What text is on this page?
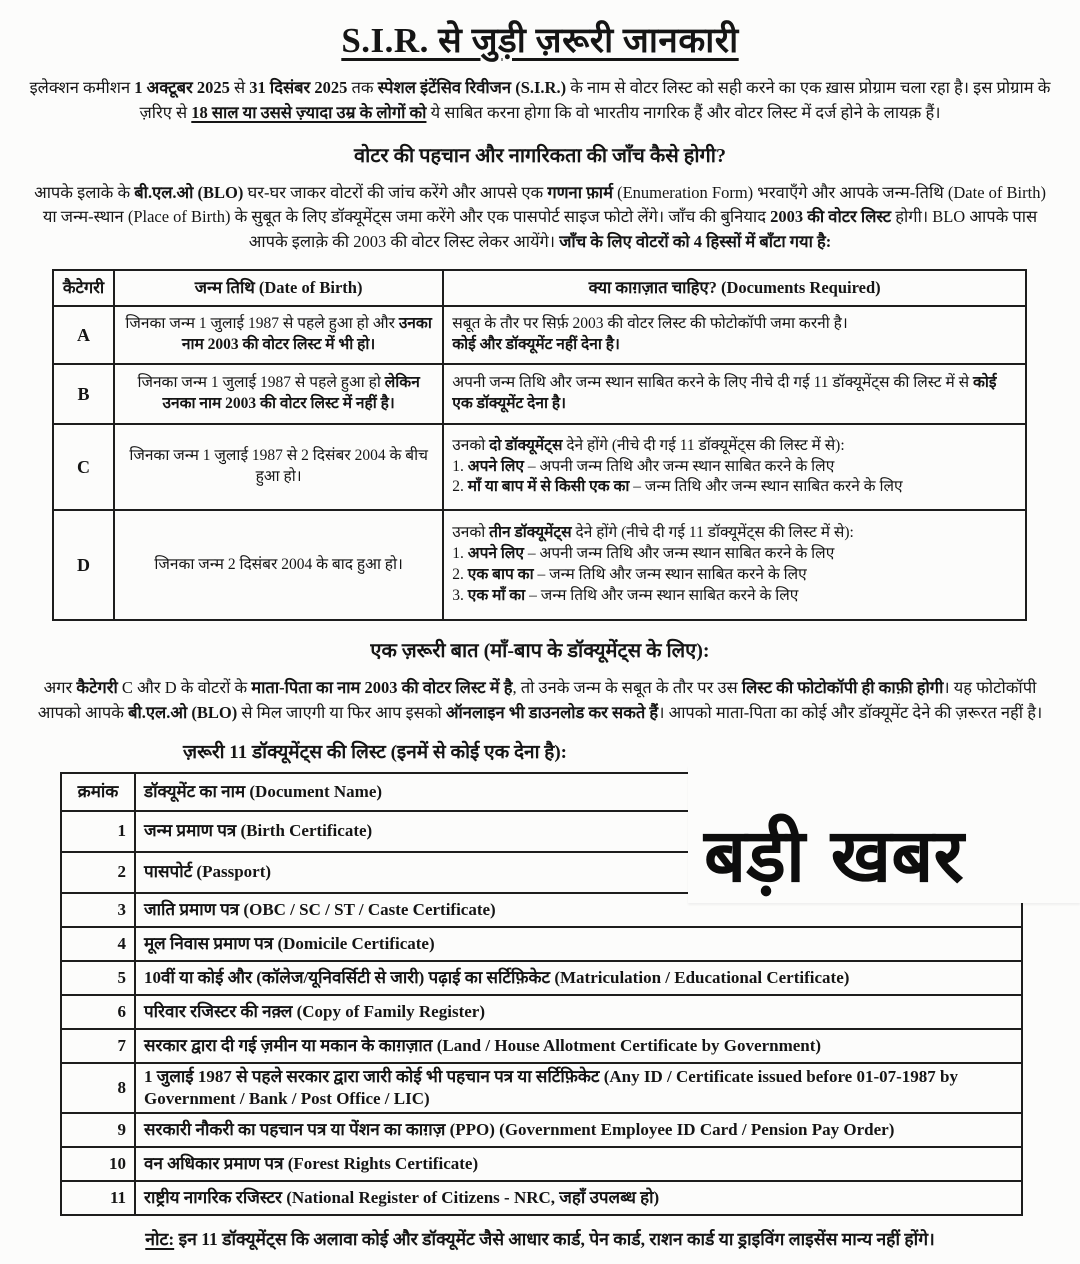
S.I.R. से जुड़ी ज़रूरी जानकारी
इलेक्शन कमीशन 1 अक्टूबर 2025 से 31 दिसंबर 2025 तक स्पेशल इंटेंसिव रिवीजन (S.I.R.) के नाम से वोटर लिस्ट को सही करने का एक ख़ास प्रोग्राम चला रहा है। इस प्रोग्राम के ज़रिए से 18 साल या उससे ज़्यादा उम्र के लोगों को ये साबित करना होगा कि वो भारतीय नागरिक हैं और वोटर लिस्ट में दर्ज होने के लायक़ हैं।
वोटर की पहचान और नागरिकता की जाँच कैसे होगी?
आपके इलाके के बी.एल.ओ (BLO) घर-घर जाकर वोटरों की जांच करेंगे और आपसे एक गणना फ़ार्म (Enumeration Form) भरवाएँगे और आपके जन्म-तिथि (Date of Birth) या जन्म-स्थान (Place of Birth) के सुबूत के लिए डॉक्यूमेंट्स जमा करेंगे और एक पासपोर्ट साइज फोटो लेंगे। जाँच की बुनियाद 2003 की वोटर लिस्ट होगी। BLO आपके पास आपके इलाक़े की 2003 की वोटर लिस्ट लेकर आयेंगे। जाँच के लिए वोटरों को 4 हिस्सों में बाँटा गया है:
कैटेगरी	जन्म तिथि (Date of Birth)	क्या काग़ज़ात चाहिए? (Documents Required)
A	जिनका जन्म 1 जुलाई 1987 से पहले हुआ हो और उनका नाम 2003 की वोटर लिस्ट में भी हो।	सबूत के तौर पर सिर्फ़ 2003 की वोटर लिस्ट की फोटोकॉपी जमा करनी है।
कोई और डॉक्यूमेंट नहीं देना है।

B	जिनका जन्म 1 जुलाई 1987 से पहले हुआ हो लेकिन उनका नाम 2003 की वोटर लिस्ट में नहीं है।	अपनी जन्म तिथि और जन्म स्थान साबित करने के लिए नीचे दी गई 11 डॉक्यूमेंट्स की लिस्ट में से कोई एक डॉक्यूमेंट देना है।

C	जिनका जन्म 1 जुलाई 1987 से 2 दिसंबर 2004 के बीच हुआ हो।	उनको दो डॉक्यूमेंट्स देने होंगे (नीचे दी गई 11 डॉक्यूमेंट्स की लिस्ट में से):
1. अपने लिए – अपनी जन्म तिथि और जन्म स्थान साबित करने के लिए
2. माँ या बाप में से किसी एक का – जन्म तिथि और जन्म स्थान साबित करने के लिए

D	जिनका जन्म 2 दिसंबर 2004 के बाद हुआ हो।	उनको तीन डॉक्यूमेंट्स देने होंगे (नीचे दी गई 11 डॉक्यूमेंट्स की लिस्ट में से):
1. अपने लिए – अपनी जन्म तिथि और जन्म स्थान साबित करने के लिए
2. एक बाप का – जन्म तिथि और जन्म स्थान साबित करने के लिए
3. एक माँ का – जन्म तिथि और जन्म स्थान साबित करने के लिए
एक ज़रूरी बात (माँ-बाप के डॉक्यूमेंट्स के लिए):
अगर कैटेगरी C और D के वोटरों के माता-पिता का नाम 2003 की वोटर लिस्ट में है, तो उनके जन्म के सबूत के तौर पर उस लिस्ट की फोटोकॉपी ही काफ़ी होगी। यह फोटोकॉपी आपको आपके बी.एल.ओ (BLO) से मिल जाएगी या फिर आप इसको ऑनलाइन भी डाउनलोड कर सकते हैं। आपको माता-पिता का कोई और डॉक्यूमेंट देने की ज़रूरत नहीं है।
ज़रूरी 11 डॉक्यूमेंट्स की लिस्ट (इनमें से कोई एक देना है):
क्रमांक	डॉक्यूमेंट का नाम (Document Name)
1	जन्म प्रमाण पत्र (Birth Certificate)
2	पासपोर्ट (Passport)
3	जाति प्रमाण पत्र (OBC / SC / ST / Caste Certificate)
4	मूल निवास प्रमाण पत्र (Domicile Certificate)
5	10वीं या कोई और (कॉलेज/यूनिवर्सिटी से जारी) पढ़ाई का सर्टिफ़िकेट (Matriculation / Educational Certificate)
6	परिवार रजिस्टर की नक़्ल (Copy of Family Register)
7	सरकार द्वारा दी गई ज़मीन या मकान के काग़ज़ात (Land / House Allotment Certificate by Government)
8	1 जुलाई 1987 से पहले सरकार द्वारा जारी कोई भी पहचान पत्र या सर्टिफ़िकेट (Any ID / Certificate issued before 01-07-1987 by Government / Bank / Post Office / LIC)
9	सरकारी नौकरी का पहचान पत्र या पेंशन का काग़ज़ (PPO) (Government Employee ID Card / Pension Pay Order)
10	वन अधिकार प्रमाण पत्र (Forest Rights Certificate)
11	राष्ट्रीय नागरिक रजिस्टर (National Register of Citizens - NRC, जहाँ उपलब्ध हो)
बड़ी खबर
नोट: इन 11 डॉक्यूमेंट्स कि अलावा कोई और डॉक्यूमेंट जैसे आधार कार्ड, पेन कार्ड, राशन कार्ड या ड्राइविंग लाइसेंस मान्य नहीं होंगे।
